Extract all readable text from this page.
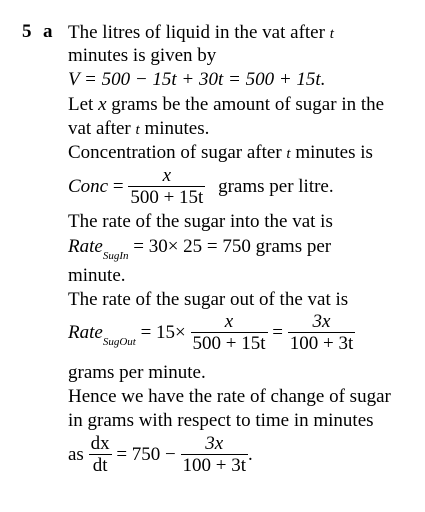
5 a The litres of liquid in the vat after t
minutes is given by
V = 500 − 15t + 30t = 500 + 15t.
Let x grams be the amount of sugar in the
vat after t minutes.
Concentration of sugar after t minutes is
Conc = $\frac{x}{500 + 15t}$ grams per litre.
The rate of the sugar into the vat is
Rate$_{SugIn}$ = 30× 25 = 750 grams per
minute.
The rate of the sugar out of the vat is
Rate$_{SugOut}$ = $15\times \frac{x}{500 + 15t} = \frac{3x}{100 + 3t}$
grams per minute.
Hence we have the rate of change of sugar
in grams with respect to time in minutes
as $\frac{dx}{dt} = 750 - \frac{3x}{100 + 3t}$ .
